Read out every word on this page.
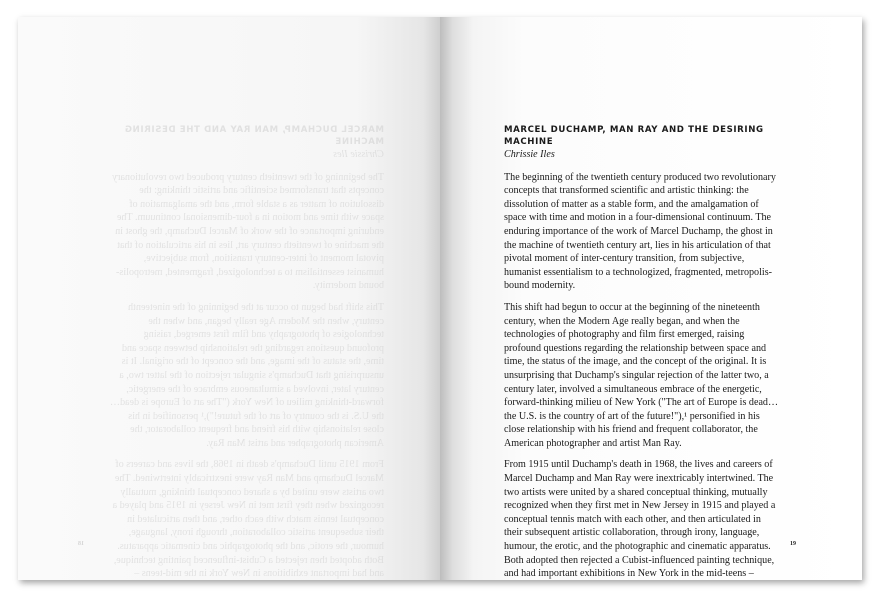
MARCEL DUCHAMP, MAN RAY AND THE DESIRING MACHINE

Chrissie Iles

The beginning of the twentieth century produced two revolutionary concepts that transformed scientific and artistic thinking: the dissolution of matter as a stable form, and the amalgamation of space with time and motion in a four-dimensional continuum. The enduring importance of the work of Marcel Duchamp, the ghost in the machine of twentieth century art, lies in his articulation of that pivotal moment of inter-century transition, from subjective, humanist essentialism to a technologized, fragmented, metropolis-bound modernity.

This shift had begun to occur at the beginning of the nineteenth century, when the Modern Age really began, and when the technologies of photography and film first emerged, raising profound questions regarding the relationship between space and time, the status of the image, and the concept of the original. It is unsurprising that Duchamp's singular rejection of the latter two, a century later, involved a simultaneous embrace of the energetic, forward-thinking milieu of New York ("The art of Europe is dead… the U.S. is the country of art of the future!"),¹ personified in his close relationship with his friend and frequent collaborator, the American photographer and artist Man Ray.

From 1915 until Duchamp's death in 1968, the lives and careers of Marcel Duchamp and Man Ray were inextricably intertwined. The two artists were united by a shared conceptual thinking, mutually recognized when they first met in New Jersey in 1915 and played a conceptual tennis match with each other, and then articulated in their subsequent artistic collaboration, through irony, language, humour, the erotic, and the photographic and cinematic apparatus. Both adopted then rejected a Cubist-influenced painting technique, and had important exhibitions in New York in the mid-teens –

18

MARCEL DUCHAMP, MAN RAY AND THE DESIRING MACHINE

Chrissie Iles

The beginning of the twentieth century produced two revolutionary concepts that transformed scientific and artistic thinking: the dissolution of matter as a stable form, and the amalgamation of space with time and motion in a four-dimensional continuum. The enduring importance of the work of Marcel Duchamp, the ghost in the machine of twentieth century art, lies in his articulation of that pivotal moment of inter-century transition, from subjective, humanist essentialism to a technologized, fragmented, metropolis-bound modernity.

This shift had begun to occur at the beginning of the nineteenth century, when the Modern Age really began, and when the technologies of photography and film first emerged, raising profound questions regarding the relationship between space and time, the status of the image, and the concept of the original. It is unsurprising that Duchamp's singular rejection of the latter two, a century later, involved a simultaneous embrace of the energetic, forward-thinking milieu of New York ("The art of Europe is dead… the U.S. is the country of art of the future!"),¹ personified in his close relationship with his friend and frequent collaborator, the American photographer and artist Man Ray.

From 1915 until Duchamp's death in 1968, the lives and careers of Marcel Duchamp and Man Ray were inextricably intertwined. The two artists were united by a shared conceptual thinking, mutually recognized when they first met in New Jersey in 1915 and played a conceptual tennis match with each other, and then articulated in their subsequent artistic collaboration, through irony, language, humour, the erotic, and the photographic and cinematic apparatus. Both adopted then rejected a Cubist-influenced painting technique, and had important exhibitions in New York in the mid-teens –

19
